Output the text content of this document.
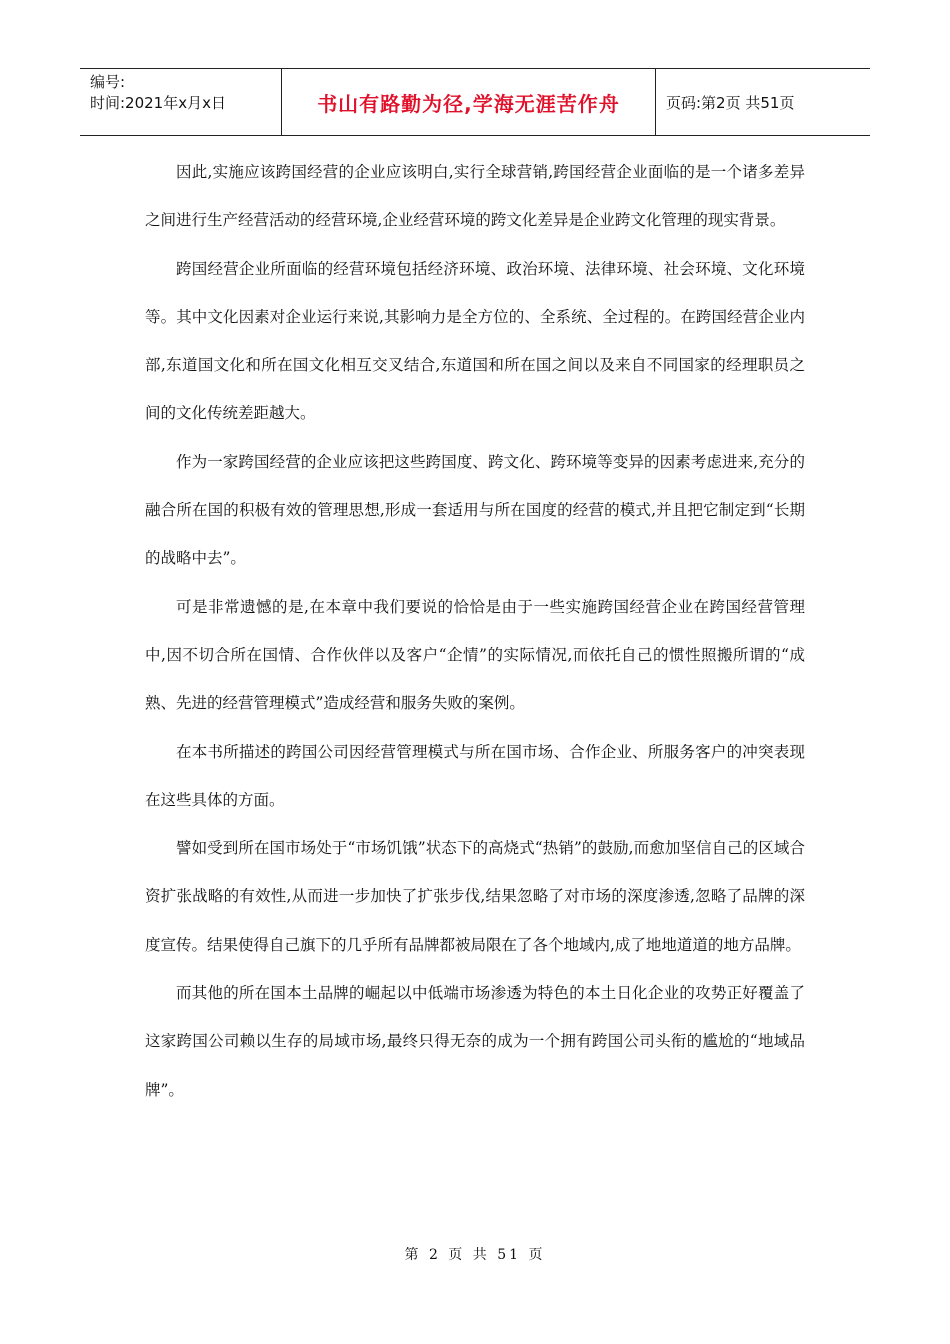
编号:
时间:2021年x月x日	书山有路勤为径,学海无涯苦作舟	页码:第2页 共51页

因此,实施应该跨国经营的企业应该明白,实行全球营销,跨国经营企业面临的是一个诸多差异之间进行生产经营活动的经营环境,企业经营环境的跨文化差异是企业跨文化管理的现实背景。

跨国经营企业所面临的经营环境包括经济环境、政治环境、法律环境、社会环境、文化环境等。其中文化因素对企业运行来说,其影响力是全方位的、全系统、全过程的。在跨国经营企业内部,东道国文化和所在国文化相互交叉结合,东道国和所在国之间以及来自不同国家的经理职员之间的文化传统差距越大。

作为一家跨国经营的企业应该把这些跨国度、跨文化、跨环境等变异的因素考虑进来,充分的融合所在国的积极有效的管理思想,形成一套适用与所在国度的经营的模式,并且把它制定到“长期的战略中去”。

可是非常遗憾的是,在本章中我们要说的恰恰是由于一些实施跨国经营企业在跨国经营管理中,因不切合所在国情、合作伙伴以及客户“企情”的实际情况,而依托自己的惯性照搬所谓的“成熟、先进的经营管理模式”造成经营和服务失败的案例。

在本书所描述的跨国公司因经营管理模式与所在国市场、合作企业、所服务客户的冲突表现在这些具体的方面。

譬如受到所在国市场处于“市场饥饿”状态下的高烧式“热销”的鼓励,而愈加坚信自己的区域合资扩张战略的有效性,从而进一步加快了扩张步伐,结果忽略了对市场的深度渗透,忽略了品牌的深度宣传。结果使得自己旗下的几乎所有品牌都被局限在了各个地域内,成了地地道道的地方品牌。

而其他的所在国本土品牌的崛起以中低端市场渗透为特色的本土日化企业的攻势正好覆盖了这家跨国公司赖以生存的局域市场,最终只得无奈的成为一个拥有跨国公司头衔的尴尬的“地域品牌”。

第 2 页 共 51 页
